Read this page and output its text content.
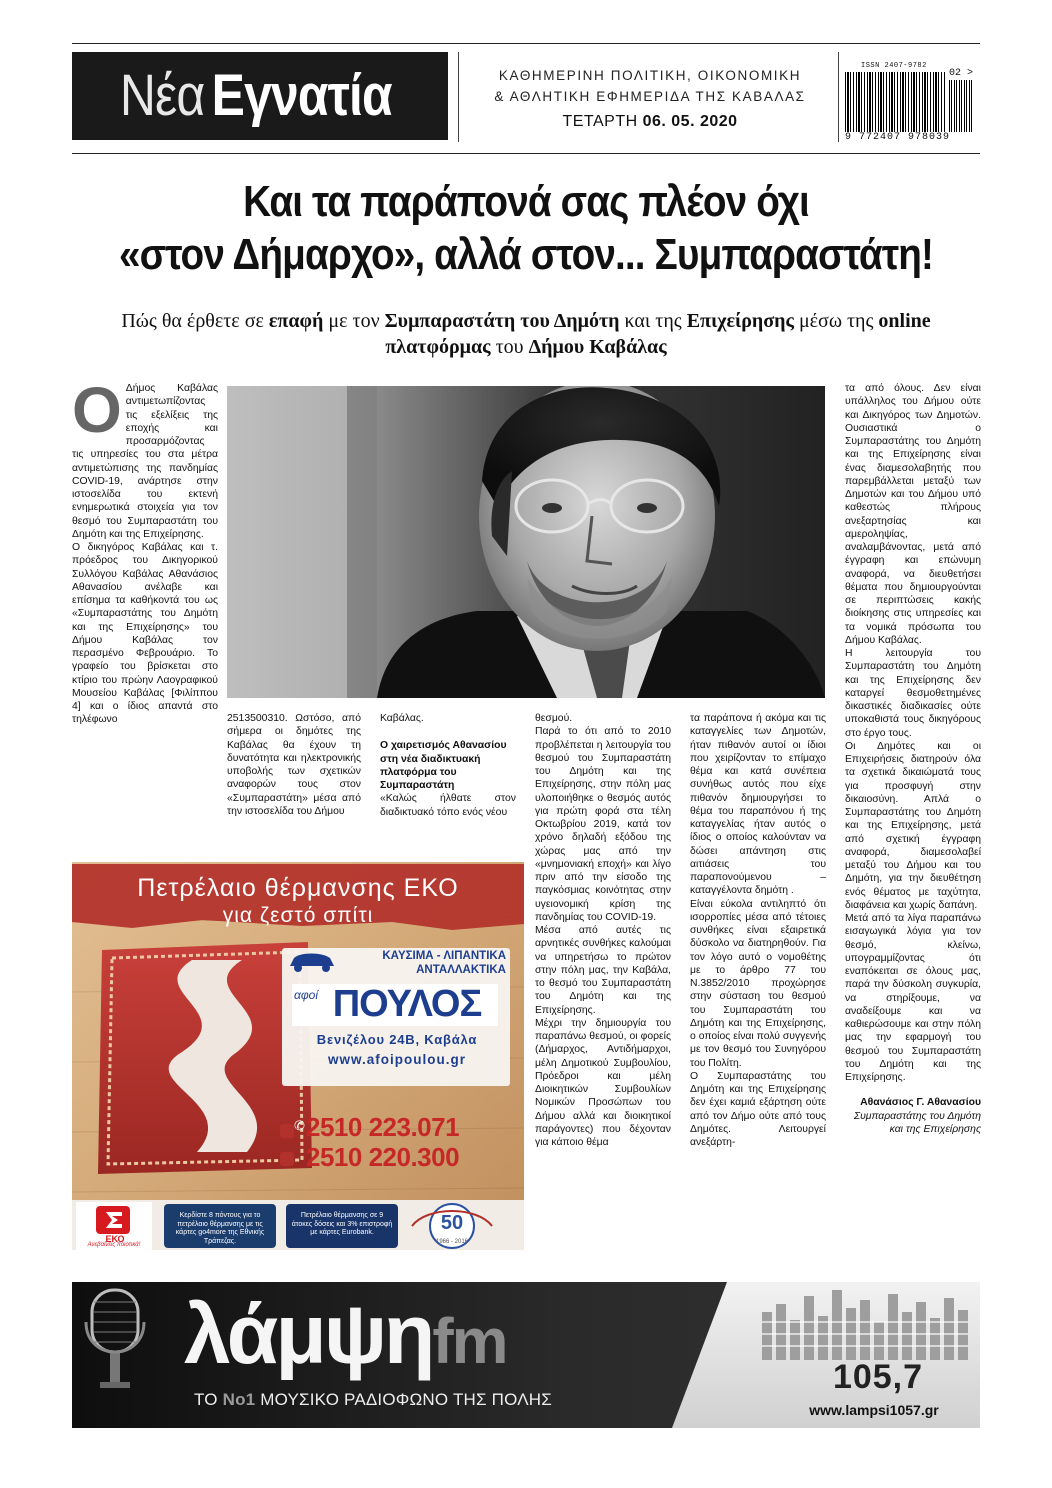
Νέα Εγνατία	ΚΑΘΗΜΕΡΙΝΗ ΠΟΛΙΤΙΚΗ, ΟΙΚΟΝΟΜΙΚΗ
& ΑΘΛΗΤΙΚΗ ΕΦΗΜΕΡΙΔΑ ΤΗΣ ΚΑΒΑΛΑΣ
ΤΕΤΑΡΤΗ 06. 05. 2020
ISSN 2407-9782
02 >
9 772407 978039
Και τα παράπονά σας πλέον όχι
«στον Δήμαρχο», αλλά στον... Συμπαραστάτη!
Πώς θα έρθετε σε επαφή με τον Συμπαραστάτη του Δημότη και της Επιχείρησης μέσω της online
πλατφόρμας του Δήμου Καβάλας
Ο Δήμος Καβάλας αντιμετωπίζοντας τις εξελίξεις της εποχής και προσαρμόζοντας τις υπηρεσίες του στα μέτρα αντιμετώπισης της πανδημίας COVID-19, ανάρτησε στην ιστοσελίδα του εκτενή ενημερωτικά στοιχεία για τον θεσμό του Συμπαραστάτη του Δημότη και της Επιχείρησης.

Ο δικηγόρος Καβάλας και τ. πρόεδρος του Δικηγορικού Συλλόγου Καβάλας Αθανάσιος Αθανασίου ανέλαβε και επίσημα τα καθήκοντά του ως «Συμπαραστάτης του Δημότη και της Επιχείρησης» του Δήμου Καβάλας τον περασμένο Φεβρουάριο. Το γραφείο του βρίσκεται στο κτίριο του πρώην Λαογραφικού Μουσείου Καβάλας [Φιλίππου 4] και ο ίδιος απαντά στο τηλέφωνο	2513500310. Ωστόσο, από σήμερα οι δημότες της Καβάλας θα έχουν τη δυνατότητα και ηλεκτρονικής υποβολής των σχετικών αναφορών τους στον «Συμπαραστάτη» μέσα από την ιστοσελίδα του Δήμου

Καβάλας.

Ο χαιρετισμός Αθανασίου στη νέα διαδικτυακή πλατφόρμα του Συμπαραστάτη

«Καλώς ήλθατε στον διαδικτυακό τόπο ενός νέου

θεσμού.

Παρά το ότι από το 2010 προβλέπεται η λειτουργία του θεσμού του Συμπαραστάτη του Δημότη και της Επιχείρησης, στην πόλη μας υλοποιήθηκε ο θεσμός αυτός για πρώτη φορά στα τέλη Οκτωβρίου 2019, κατά τον χρόνο δηλαδή εξόδου της χώρας μας από την «μνημονιακή εποχή» και λίγο πριν από την είσοδο της παγκόσμιας κοινότητας στην υγειονομική κρίση της πανδημίας του COVID-19.

Μέσα από αυτές τις αρνητικές συνθήκες καλούμαι να υπηρετήσω το πρώτον στην πόλη μας, την Καβάλα, το θεσμό του Συμπαραστάτη του Δημότη και της Επιχείρησης.

Μέχρι την δημιουργία του παραπάνω θεσμού, οι φορείς (Δήμαρχος, Αντιδήμαρχοι, μέλη Δημοτικού Συμβουλίου, Πρόεδροι και μέλη Διοικητικών Συμβουλίων Νομικών Προσώπων του Δήμου αλλά και διοικητικοί παράγοντες) που δέχονταν για κάποιο θέμα

τα παράπονα ή ακόμα και τις καταγγελίες των Δημοτών, ήταν πιθανόν αυτοί οι ίδιοι που χειρίζονταν το επίμαχο θέμα και κατά συνέπεια συνήθως αυτός που είχε πιθανόν δημιουργήσει το θέμα του παραπόνου ή της καταγγελίας ήταν αυτός ο ίδιος ο οποίος καλούνταν να δώσει απάντηση στις αιτιάσεις του παραπονούμενου – καταγγέλοντα δημότη .

Είναι εύκολα αντιληπτό ότι ισορροπίες μέσα από τέτοιες συνθήκες είναι εξαιρετικά δύσκολο να διατηρηθούν. Για τον λόγο αυτό ο νομοθέτης με το άρθρο 77 του Ν.3852/2010 προχώρησε στην σύσταση του θεσμού του Συμπαραστάτη του Δημότη και της Επιχείρησης, ο οποίος είναι πολύ συγγενής με τον θεσμό του Συνηγόρου του Πολίτη.

Ο Συμπαραστάτης του Δημότη και της Επιχείρησης δεν έχει καμιά εξάρτηση ούτε από τον Δήμο ούτε από τους Δημότες. Λειτουργεί ανεξάρτη-

τα από όλους. Δεν είναι υπάλληλος του Δήμου ούτε και Δικηγόρος των Δημοτών. Ουσιαστικά ο Συμπαραστάτης του Δημότη και της Επιχείρησης είναι ένας διαμεσολαβητής που παρεμβάλλεται μεταξύ των Δημοτών και του Δήμου υπό καθεστώς πλήρους ανεξαρτησίας και αμεροληψίας, αναλαμβάνοντας, μετά από έγγραφη και επώνυμη αναφορά, να διευθετήσει θέματα που δημιουργούνται σε περιπτώσεις κακής διοίκησης στις υπηρεσίες και τα νομικά πρόσωπα του Δήμου Καβάλας.

Η λειτουργία του Συμπαραστάτη του Δημότη και της Επιχείρησης δεν καταργεί θεσμοθετημένες δικαστικές διαδικασίες ούτε υποκαθιστά τους δικηγόρους στο έργο τους.

Οι Δημότες και οι Επιχειρήσεις διατηρούν όλα τα σχετικά δικαιώματά τους για προσφυγή στην δικαιοσύνη. Απλά ο Συμπαραστάτης του Δημότη και της Επιχείρησης, μετά από σχετική έγγραφη αναφορά, διαμεσολαβεί μεταξύ του Δήμου και του Δημότη, για την διευθέτηση ενός θέματος με ταχύτητα, διαφάνεια και χωρίς δαπάνη.

Μετά από τα λίγα παραπάνω εισαγωγικά λόγια για τον θεσμό, κλείνω, υπογραμμίζοντας ότι εναπόκειται σε όλους μας, παρά την δύσκολη συγκυρία, να στηρίξουμε, να αναδείξουμε και να καθιερώσουμε και στην πόλη μας την εφαρμογή του θεσμού του Συμπαραστάτη του Δημότη και της Επιχείρησης.

Αθανάσιος Γ. Αθανασίου

Συμπαραστάτης του Δημότη

και της Επιχείρησης

Πετρέλαιο θέρμανσης ΕΚΟ
για ζεστό σπίτι
ΚΑΥΣΙΜΑ - ΛΙΠΑΝΤΙΚΑ
ΑΝΤΑΛΛΑΚΤΙΚΑ
αφοί ΠΟΥΛΟΣ
Βενιζέλου 24Β, Καβάλα
www.afoipoulou.gr
✆ 2510 223.071
2510 220.300
ΕΚΟ
Ανεβαίνεις ποιοτικά!
Κερδίστε 8 πόντους για το πετρέλαιο θέρμανσης με τις κάρτες go4more της Εθνικής Τράπεζας.
Πετρέλαιο θέρμανσης σε 9 άτοκες δόσεις και 3% επιστροφή με κάρτες Eurobank.	50
1966 - 2016
λάμψηfm
ΤΟ No1 ΜΟΥΣΙΚΟ ΡΑΔΙΟΦΩΝΟ ΤΗΣ ΠΟΛΗΣ
105,7
www.lampsi1057.gr
